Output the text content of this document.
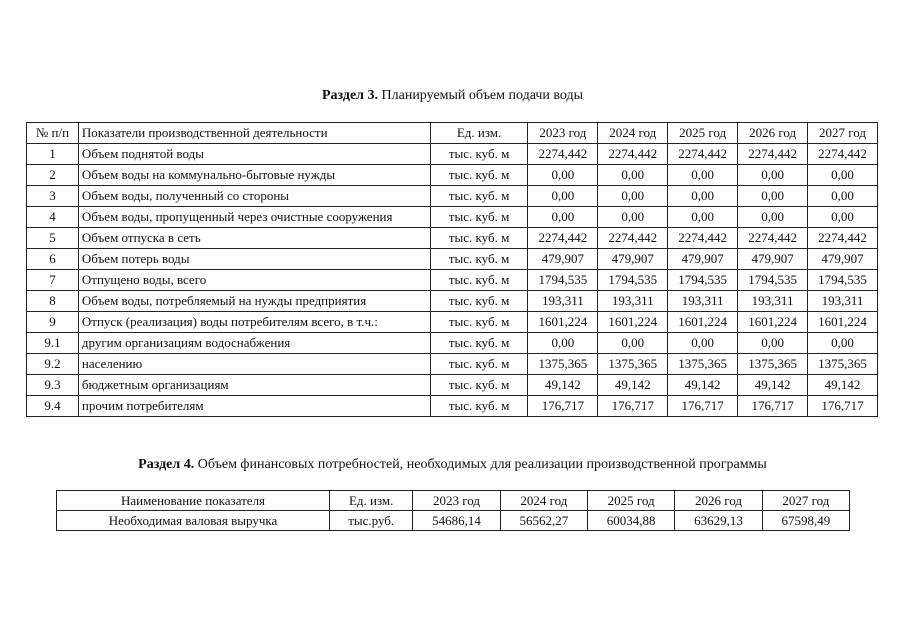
Раздел 3. Планируемый объем подачи воды
№ п/п	Показатели производственной деятельности	Ед. изм.	2023 год	2024 год	2025 год	2026 год	2027 год
1	Объем поднятой воды	тыс. куб. м	2274,442	2274,442	2274,442	2274,442	2274,442
2	Объем воды на коммунально-бытовые нужды	тыс. куб. м	0,00	0,00	0,00	0,00	0,00
3	Объем воды, полученный со стороны	тыс. куб. м	0,00	0,00	0,00	0,00	0,00
4	Объем воды, пропущенный через очистные сооружения	тыс. куб. м	0,00	0,00	0,00	0,00	0,00
5	Объем отпуска в сеть	тыс. куб. м	2274,442	2274,442	2274,442	2274,442	2274,442
6	Объем потерь воды	тыс. куб. м	479,907	479,907	479,907	479,907	479,907
7	Отпущено воды, всего	тыс. куб. м	1794,535	1794,535	1794,535	1794,535	1794,535
8	Объем воды, потребляемый на нужды предприятия	тыс. куб. м	193,311	193,311	193,311	193,311	193,311
9	Отпуск (реализация) воды потребителям всего, в т.ч.:	тыс. куб. м	1601,224	1601,224	1601,224	1601,224	1601,224
9.1	другим организациям водоснабжения	тыс. куб. м	0,00	0,00	0,00	0,00	0,00
9.2	населению	тыс. куб. м	1375,365	1375,365	1375,365	1375,365	1375,365
9.3	бюджетным организациям	тыс. куб. м	49,142	49,142	49,142	49,142	49,142
9.4	прочим потребителям	тыс. куб. м	176,717	176,717	176,717	176,717	176,717
Раздел 4. Объем финансовых потребностей, необходимых для реализации производственной программы
Наименование показателя	Ед. изм.	2023 год	2024 год	2025 год	2026 год	2027 год
Необходимая валовая выручка	тыс.руб.	54686,14	56562,27	60034,88	63629,13	67598,49
